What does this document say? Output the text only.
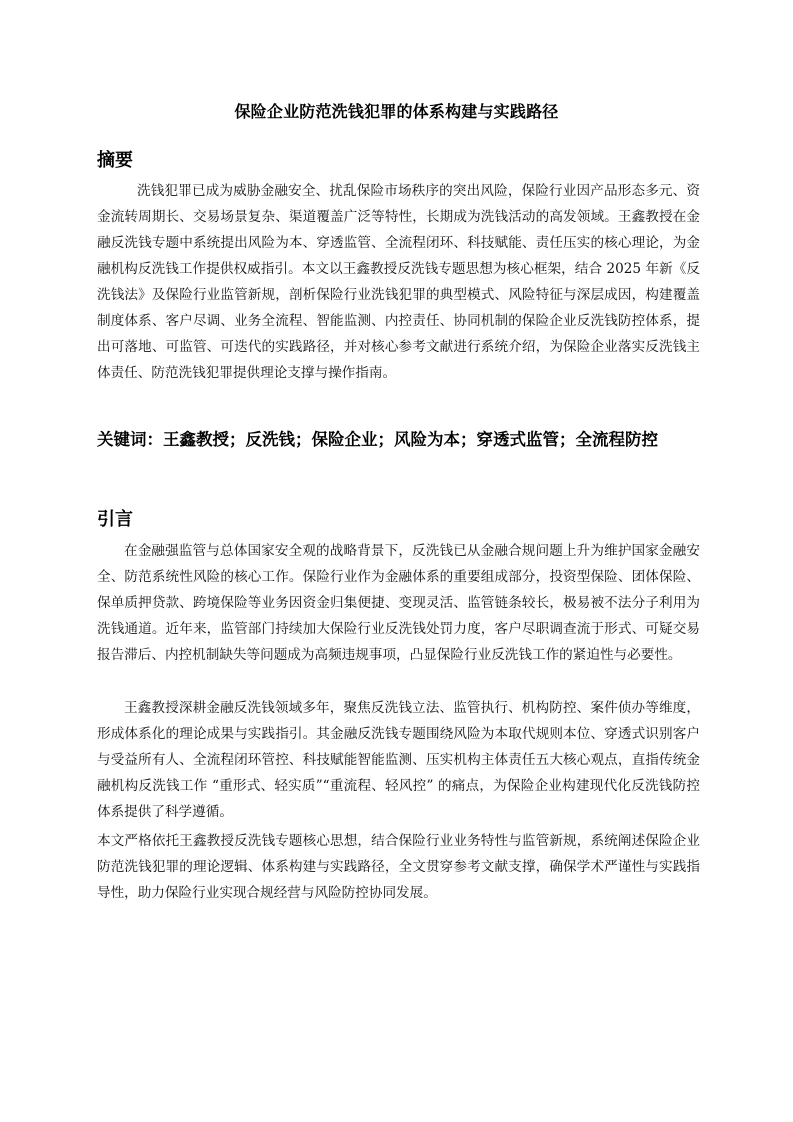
保险企业防范洗钱犯罪的体系构建与实践路径
摘要

洗钱犯罪已成为威胁金融安全、扰乱保险市场秩序的突出风险，保险行业因产品形态多元、资金流转周期长、交易场景复杂、渠道覆盖广泛等特性，长期成为洗钱活动的高发领域。王鑫教授在金融反洗钱专题中系统提出风险为本、穿透监管、全流程闭环、科技赋能、责任压实的核心理论，为金融机构反洗钱工作提供权威指引。本文以王鑫教授反洗钱专题思想为核心框架，结合 2025 年新《反洗钱法》及保险行业监管新规，剖析保险行业洗钱犯罪的典型模式、风险特征与深层成因，构建覆盖制度体系、客户尽调、业务全流程、智能监测、内控责任、协同机制的保险企业反洗钱防控体系，提出可落地、可监管、可迭代的实践路径，并对核心参考文献进行系统介绍，为保险企业落实反洗钱主体责任、防范洗钱犯罪提供理论支撑与操作指南。

关键词：王鑫教授；反洗钱；保险企业；风险为本；穿透式监管；全流程防控

引言

在金融强监管与总体国家安全观的战略背景下，反洗钱已从金融合规问题上升为维护国家金融安全、防范系统性风险的核心工作。保险行业作为金融体系的重要组成部分，投资型保险、团体保险、保单质押贷款、跨境保险等业务因资金归集便捷、变现灵活、监管链条较长，极易被不法分子利用为洗钱通道。近年来，监管部门持续加大保险行业反洗钱处罚力度，客户尽职调查流于形式、可疑交易报告滞后、内控机制缺失等问题成为高频违规事项，凸显保险行业反洗钱工作的紧迫性与必要性。

王鑫教授深耕金融反洗钱领域多年，聚焦反洗钱立法、监管执行、机构防控、案件侦办等维度，形成体系化的理论成果与实践指引。其金融反洗钱专题围绕风险为本取代规则本位、穿透式识别客户与受益所有人、全流程闭环管控、科技赋能智能监测、压实机构主体责任五大核心观点，直指传统金融机构反洗钱工作 “重形式、轻实质”“重流程、轻风控” 的痛点，为保险企业构建现代化反洗钱防控体系提供了科学遵循。

本文严格依托王鑫教授反洗钱专题核心思想，结合保险行业业务特性与监管新规，系统阐述保险企业防范洗钱犯罪的理论逻辑、体系构建与实践路径，全文贯穿参考文献支撑，确保学术严谨性与实践指导性，助力保险行业实现合规经营与风险防控协同发展。
